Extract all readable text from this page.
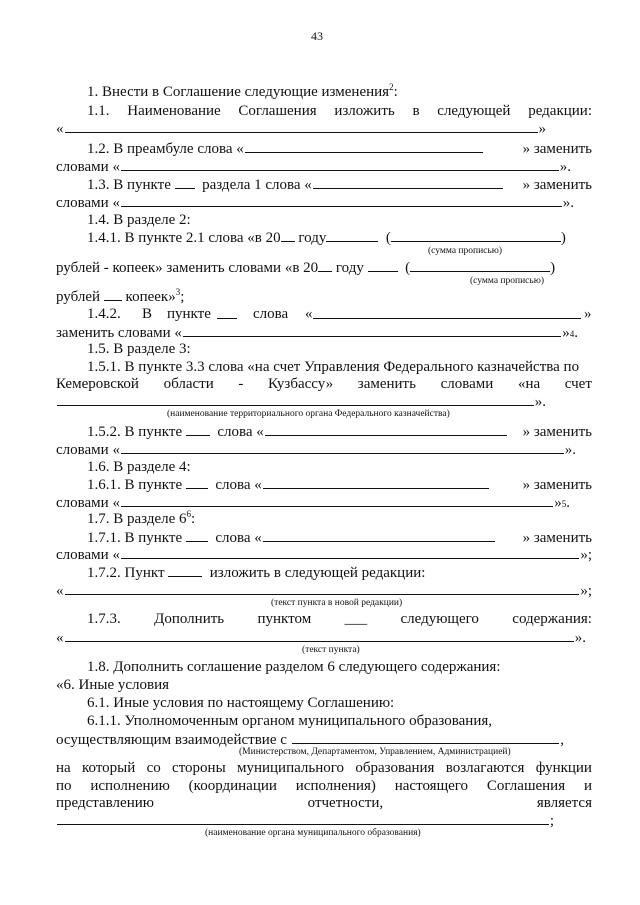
43
1. Внести в Соглашение следующие изменения$^2$:
1.1. Наименование Соглашения изложить в следующей редакции:
«	»
1.2. В преамбуле слова «	» заменить
словами «	».
1.3. В пункте

раздела 1 слова «	» заменить
словами «	».
1.4. В разделе 2:
1.4.1. В пункте 2.1 слова «в 20 году	(	)
(сумма прописью)
рублей - копеек» заменить словами «в 20 году	(	)
(сумма прописью)
рублей копеек»$^3$;
1.4.2. В пункте	слова «	»
заменить словами «	» 4 .
1.5. В разделе 3:
1.5.1. В пункте 3.3 слова «на счет Управления Федерального казначейства по
Кемеровской области - Кузбассу» заменить словами «на счет
».
(наименование территориального органа Федерального казначейства)
1.5.2. В пункте

слова «	» заменить
словами «	».
1.6. В разделе 4:
1.6.1. В пункте

слова «	» заменить
словами «	» 5 .
1.7. В разделе $6^6$:
1.7.1. В пункте

слова «	» заменить
словами «	»;
1.7.2. Пункт	изложить в следующей редакции:
«	»;
(текст пункта в новой редакции)
1.7.3. Дополнить пунктом ___ следующего содержания:
«	».
(текст пункта)
1.8. Дополнить соглашение разделом 6 следующего содержания:
«6. Иные условия
6.1. Иные условия по настоящему Соглашению:
6.1.1. Уполномоченным органом муниципального образования,
осуществляющим взаимодействие с
	,
(Министерством, Департаментом, Управлением, Администрацией)
на который со стороны муниципального образования возлагаются функции
по исполнению (координации исполнения) настоящего Соглашения и
представлению	отчетности,	является
;
(наименование органа муниципального образования)
